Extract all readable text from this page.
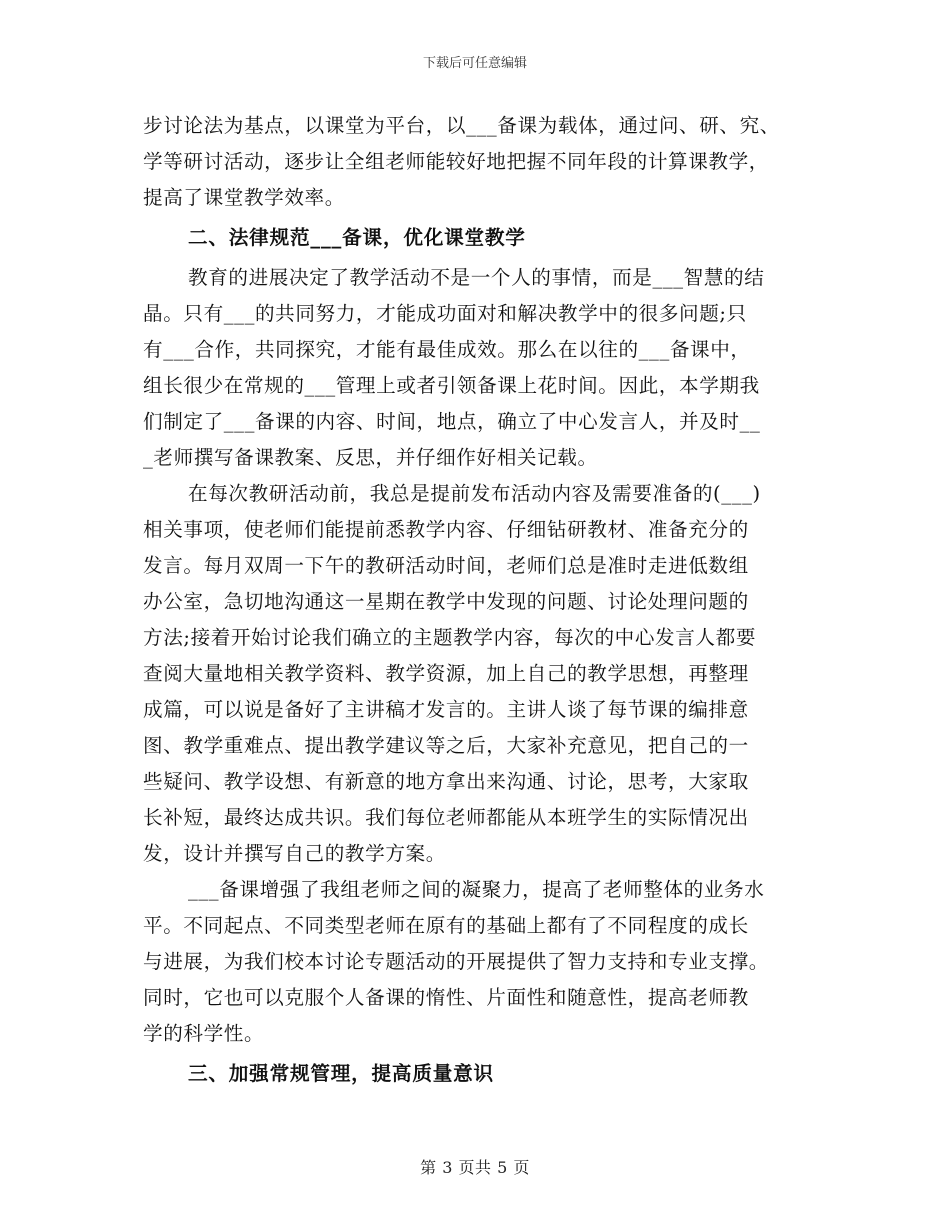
下载后可任意编辑
步讨论法为基点，以课堂为平台，以___备课为载体，通过问、研、究、
学等研讨活动，逐步让全组老师能较好地把握不同年段的计算课教学，
提高了课堂教学效率。
二、法律规范___备课，优化课堂教学
教育的进展决定了教学活动不是一个人的事情，而是___智慧的结
晶。只有___的共同努力，才能成功面对和解决教学中的很多问题;只
有___合作，共同探究，才能有最佳成效。那么在以往的___备课中，
组长很少在常规的___管理上或者引领备课上花时间。因此，本学期我
们制定了___备课的内容、时间，地点，确立了中心发言人，并及时__
_老师撰写备课教案、反思，并仔细作好相关记载。
在每次教研活动前，我总是提前发布活动内容及需要准备的(___)
相关事项，使老师们能提前悉教学内容、仔细钻研教材、准备充分的
发言。每月双周一下午的教研活动时间，老师们总是准时走进低数组
办公室，急切地沟通这一星期在教学中发现的问题、讨论处理问题的
方法;接着开始讨论我们确立的主题教学内容，每次的中心发言人都要
查阅大量地相关教学资料、教学资源，加上自己的教学思想，再整理
成篇，可以说是备好了主讲稿才发言的。主讲人谈了每节课的编排意
图、教学重难点、提出教学建议等之后，大家补充意见，把自己的一
些疑问、教学设想、有新意的地方拿出来沟通、讨论，思考，大家取
长补短，最终达成共识。我们每位老师都能从本班学生的实际情况出
发，设计并撰写自己的教学方案。
___备课增强了我组老师之间的凝聚力，提高了老师整体的业务水
平。不同起点、不同类型老师在原有的基础上都有了不同程度的成长
与进展，为我们校本讨论专题活动的开展提供了智力支持和专业支撑。
同时，它也可以克服个人备课的惰性、片面性和随意性，提高老师教
学的科学性。
三、加强常规管理，提高质量意识
第 3 页共 5 页
